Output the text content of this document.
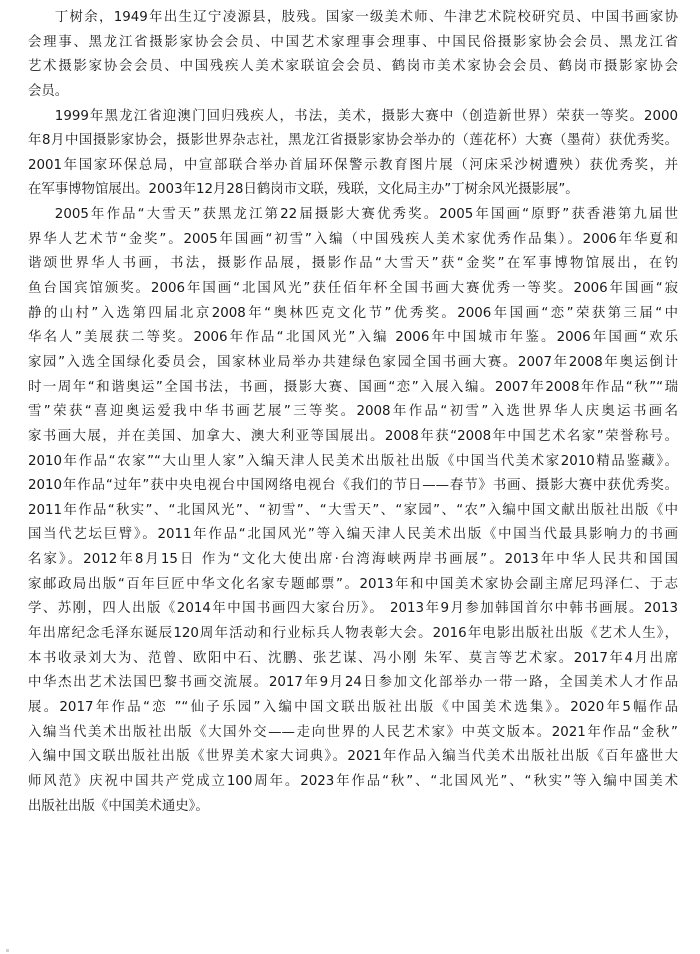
丁树余，1949年出生辽宁凌源县，肢残。国家一级美术师、牛津艺术院校研究员、中国书画家协
会理事、黑龙江省摄影家协会会员、中国艺术家理事会理事、中国民俗摄影家协会会员、黑龙江省
艺术摄影家协会会员、中国残疾人美术家联谊会会员、鹤岗市美术家协会会员、鹤岗市摄影家协会
会员。
1999年黑龙江省迎澳门回归残疾人，书法，美术，摄影大赛中（创造新世界）荣获一等奖。2000
年8月中国摄影家协会，摄影世界杂志社，黑龙江省摄影家协会举办的（莲花杯）大赛（墨荷）获优秀奖。
2001年国家环保总局，中宣部联合举办首届环保警示教育图片展（河床采沙树遭殃）获优秀奖，并
在军事博物馆展出。2003年12月28日鹤岗市文联，残联，文化局主办”丁树余风光摄影展”。
2005年作品“大雪天”获黑龙江第22届摄影大赛优秀奖。2005年国画“原野”获香港第九届世
界华人艺术节“金奖”。2005年国画“初雪”入编（中国残疾人美术家优秀作品集）。2006年华夏和
谐颂世界华人书画，书法，摄影作品展，摄影作品“大雪天”获“金奖”在军事博物馆展出，在钓
鱼台国宾馆颁奖。2006年国画“北国风光”获任佰年杯全国书画大赛优秀一等奖。2006年国画“寂
静的山村”入选第四届北京2008年“奥林匹克文化节”优秀奖。2006年国画“恋”荣获第三届“中
华名人”美展获二等奖。2006年作品“北国风光”入编 2006年中国城市年鉴。2006年国画“欢乐
家园”入选全国绿化委员会，国家林业局举办共建绿色家园全国书画大赛。2007年2008年奥运倒计
时一周年“和谐奥运”全国书法，书画，摄影大赛、国画“恋”入展入编。2007年2008年作品“秋”“瑞
雪”荣获“喜迎奥运爱我中华书画艺展”三等奖。2008年作品“初雪”入选世界华人庆奥运书画名
家书画大展，并在美国、加拿大、澳大利亚等国展出。2008年获“2008年中国艺术名家”荣誉称号。
2010年作品“农家”“大山里人家”入编天津人民美术出版社出版《中国当代美术家2010精品鉴藏》。
2010年作品“过年”获中央电视台中国网络电视台《我们的节日——春节》书画、摄影大赛中获优秀奖。
2011年作品“秋实”、“北国风光”、“初雪”、“大雪天”、“家园”、“农”入编中国文献出版社出版《中
国当代艺坛巨臂》。2011年作品“北国风光”等入编天津人民美术出版《中国当代最具影响力的书画
名家》。2012年8月15日 作为“文化大使出席·台湾海峡两岸书画展”。2013年中华人民共和国国
家邮政局出版“百年巨匠中华文化名家专题邮票”。2013年和中国美术家协会副主席尼玛泽仁、于志
学、苏刚，四人出版《2014年中国书画四大家台历》。 2013年9月参加韩国首尔中韩书画展。2013
年出席纪念毛泽东诞辰120周年活动和行业标兵人物表彰大会。2016年电影出版社出版《艺术人生》，
本书收录刘大为、范曾、欧阳中石、沈鹏、张艺谋、冯小刚 朱军、莫言等艺术家。2017年4月出席
中华杰出艺术法国巴黎书画交流展。2017年9月24日参加文化部举办一带一路，全国美术人才作品
展。2017年作品“恋 ”“仙子乐园”入编中国文联出版社出版《中国美术选集》。2020年5幅作品
入编当代美术出版社出版《大国外交——走向世界的人民艺术家》中英文版本。2021年作品“金秋”
入编中国文联出版社出版《世界美术家大词典》。2021年作品入编当代美术出版社出版《百年盛世大
师风范》庆祝中国共产党成立100周年。2023年作品“秋”、“北国风光”、“秋实”等入编中国美术
出版社出版《中国美术通史》。
